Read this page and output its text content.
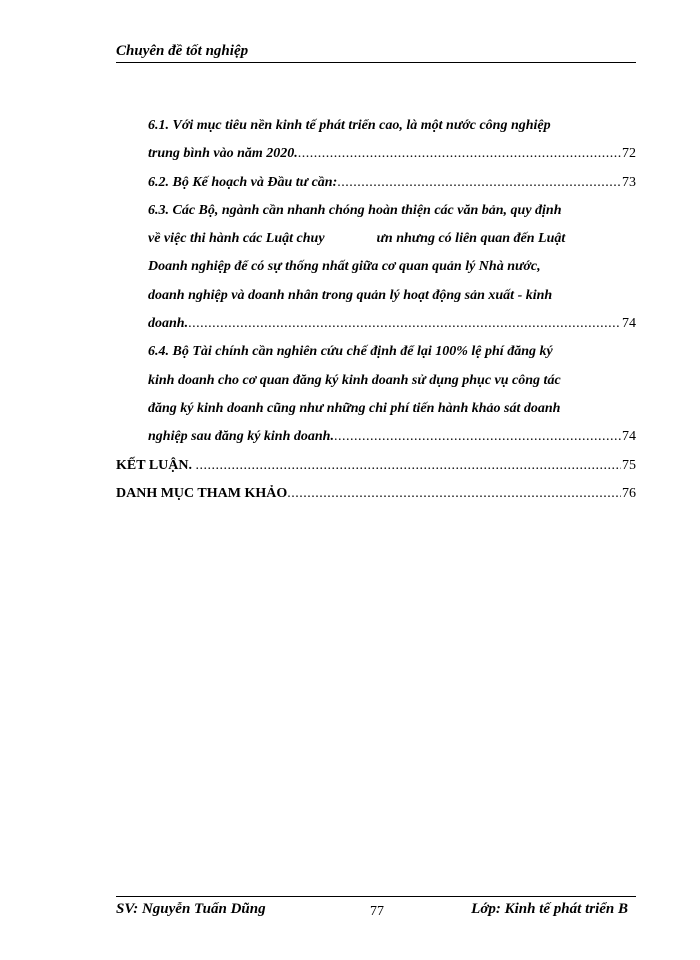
Chuyên đề tốt nghiệp
6.1. Với mục tiêu nền kinh tế phát triển cao, là một nước công nghiệp
trung bình vào năm 2020. .....	72
6.2. Bộ Kế hoạch và Đầu tư cần: .....	73
6.3. Các Bộ, ngành cần nhanh chóng hoàn thiện các văn bản, quy định
về việc thi hành các Luật chuy	ưn nhưng có liên quan đến Luật
Doanh nghiệp để có sự thống nhất giữa cơ quan quản lý Nhà nước,
doanh nghiệp và doanh nhân trong quản lý hoạt động sản xuất - kinh
doanh. .....	74
6.4. Bộ Tài chính cần nghiên cứu chế định để lại 100% lệ phí đăng ký
kinh doanh cho cơ quan đăng ký kinh doanh sử dụng phục vụ công tác
đăng ký kinh doanh cũng như những chi phí tiến hành khảo sát doanh
nghiệp sau đăng ký kinh doanh. .....	74
KẾT LUẬN. .....	75
DANH MỤC THAM KHẢO .....	76
SV: Nguyễn Tuấn Dũng	77	Lớp: Kinh tế phát triển B
